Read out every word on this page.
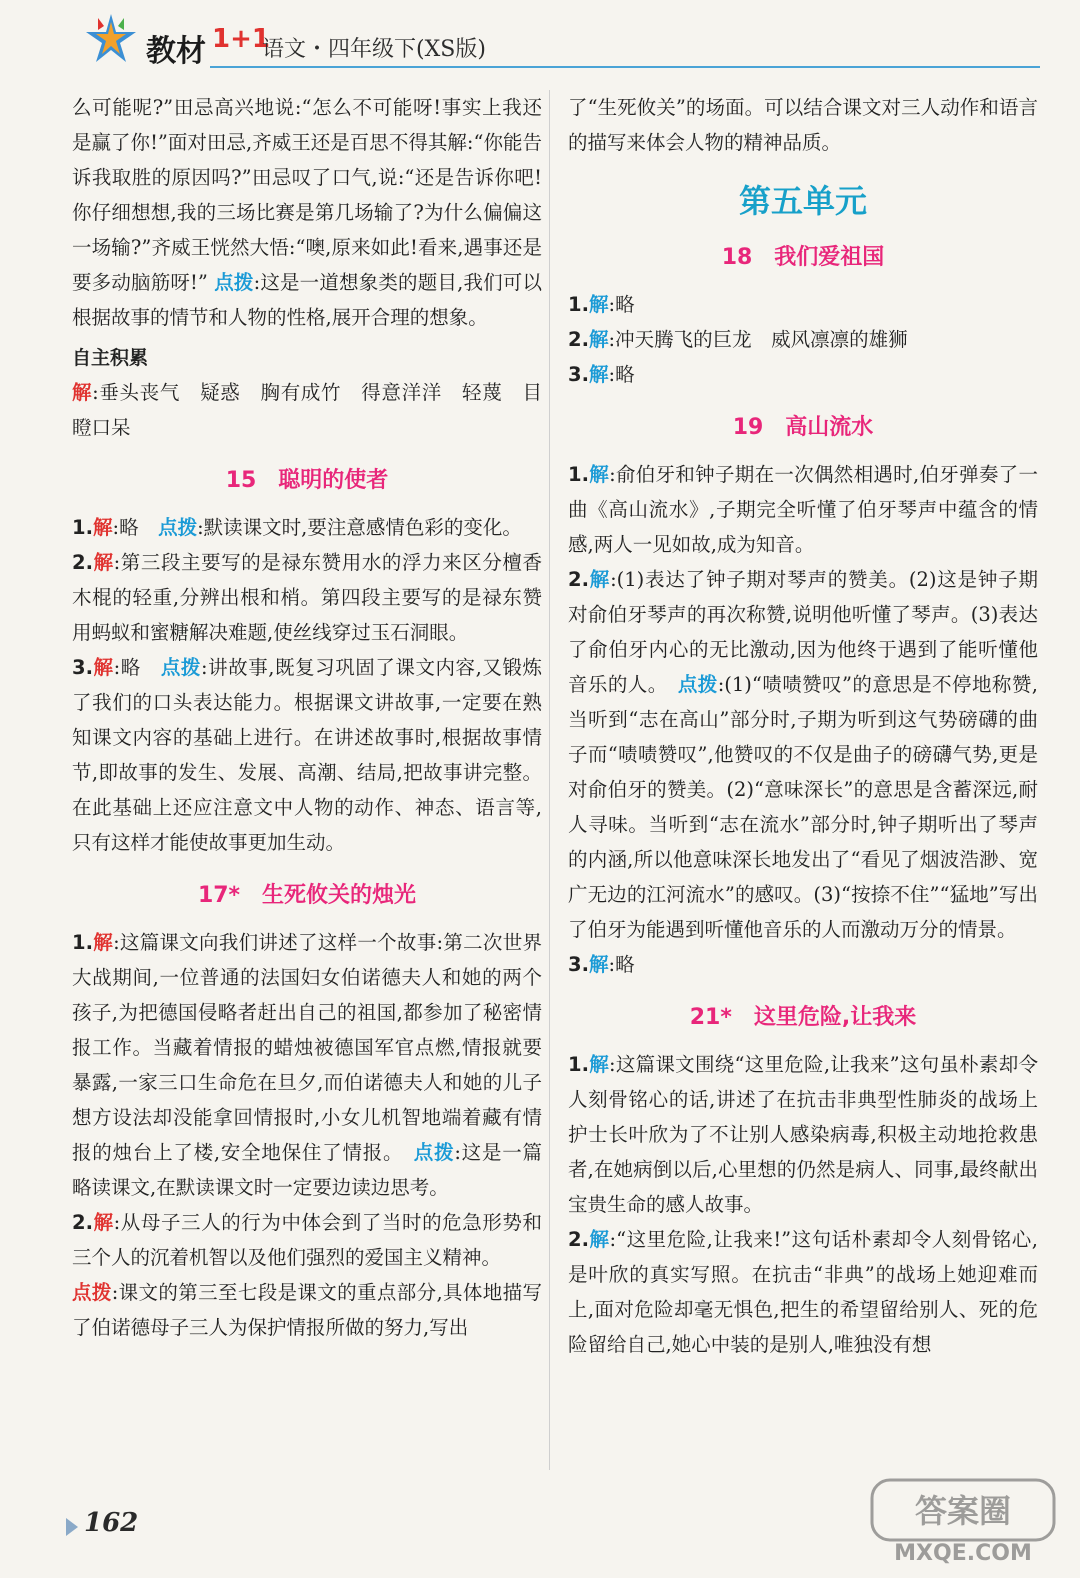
教材 1+1
语文・四年级下(XS版)

么可能呢?”田忌高兴地说:“怎么不可能呀!事实上我还是赢了你!”面对田忌,齐威王还是百思不得其解:“你能告诉我取胜的原因吗?”田忌叹了口气,说:“还是告诉你吧!你仔细想想,我的三场比赛是第几场输了?为什么偏偏这一场输?”齐威王恍然大悟:“噢,原来如此!看来,遇事还是要多动脑筋呀!” 点拨:这是一道想象类的题目,我们可以根据故事的情节和人物的性格,展开合理的想象。

自主积累

解:垂头丧气　疑惑　胸有成竹　得意洋洋　轻蔑　目瞪口呆

15　聪明的使者

1.解:略　点拨:默读课文时,要注意感情色彩的变化。

2.解:第三段主要写的是禄东赞用水的浮力来区分檀香木棍的轻重,分辨出根和梢。第四段主要写的是禄东赞用蚂蚁和蜜糖解决难题,使丝线穿过玉石洞眼。

3.解:略　点拨:讲故事,既复习巩固了课文内容,又锻炼了我们的口头表达能力。根据课文讲故事,一定要在熟知课文内容的基础上进行。在讲述故事时,根据故事情节,即故事的发生、发展、高潮、结局,把故事讲完整。在此基础上还应注意文中人物的动作、神态、语言等,只有这样才能使故事更加生动。

17*　生死攸关的烛光

1.解:这篇课文向我们讲述了这样一个故事:第二次世界大战期间,一位普通的法国妇女伯诺德夫人和她的两个孩子,为把德国侵略者赶出自己的祖国,都参加了秘密情报工作。当藏着情报的蜡烛被德国军官点燃,情报就要暴露,一家三口生命危在旦夕,而伯诺德夫人和她的儿子想方设法却没能拿回情报时,小女儿机智地端着藏有情报的烛台上了楼,安全地保住了情报。　点拨:这是一篇略读课文,在默读课文时一定要边读边思考。

2.解:从母子三人的行为中体会到了当时的危急形势和三个人的沉着机智以及他们强烈的爱国主义精神。

点拨:课文的第三至七段是课文的重点部分,具体地描写了伯诺德母子三人为保护情报所做的努力,写出

了“生死攸关”的场面。可以结合课文对三人动作和语言的描写来体会人物的精神品质。

第五单元
18　我们爱祖国

1.解:略

2.解:冲天腾飞的巨龙　威风凛凛的雄狮

3.解:略

19　高山流水

1.解:俞伯牙和钟子期在一次偶然相遇时,伯牙弹奏了一曲《高山流水》,子期完全听懂了伯牙琴声中蕴含的情感,两人一见如故,成为知音。

2.解:(1)表达了钟子期对琴声的赞美。(2)这是钟子期对俞伯牙琴声的再次称赞,说明他听懂了琴声。(3)表达了俞伯牙内心的无比激动,因为他终于遇到了能听懂他音乐的人。　点拨:(1)“啧啧赞叹”的意思是不停地称赞,当听到“志在高山”部分时,子期为听到这气势磅礴的曲子而“啧啧赞叹”,他赞叹的不仅是曲子的磅礴气势,更是对俞伯牙的赞美。(2)“意味深长”的意思是含蓄深远,耐人寻味。当听到“志在流水”部分时,钟子期听出了琴声的内涵,所以他意味深长地发出了“看见了烟波浩渺、宽广无边的江河流水”的感叹。(3)“按捺不住”“猛地”写出了伯牙为能遇到听懂他音乐的人而激动万分的情景。

3.解:略

21*　这里危险,让我来

1.解:这篇课文围绕“这里危险,让我来”这句虽朴素却令人刻骨铭心的话,讲述了在抗击非典型性肺炎的战场上护士长叶欣为了不让别人感染病毒,积极主动地抢救患者,在她病倒以后,心里想的仍然是病人、同事,最终献出宝贵生命的感人故事。

2.解:“这里危险,让我来!”这句话朴素却令人刻骨铭心,是叶欣的真实写照。在抗击“非典”的战场上她迎难而上,面对危险却毫无惧色,把生的希望留给别人、死的危险留给自己,她心中装的是别人,唯独没有想

162	答案圈
MXQE.COM
